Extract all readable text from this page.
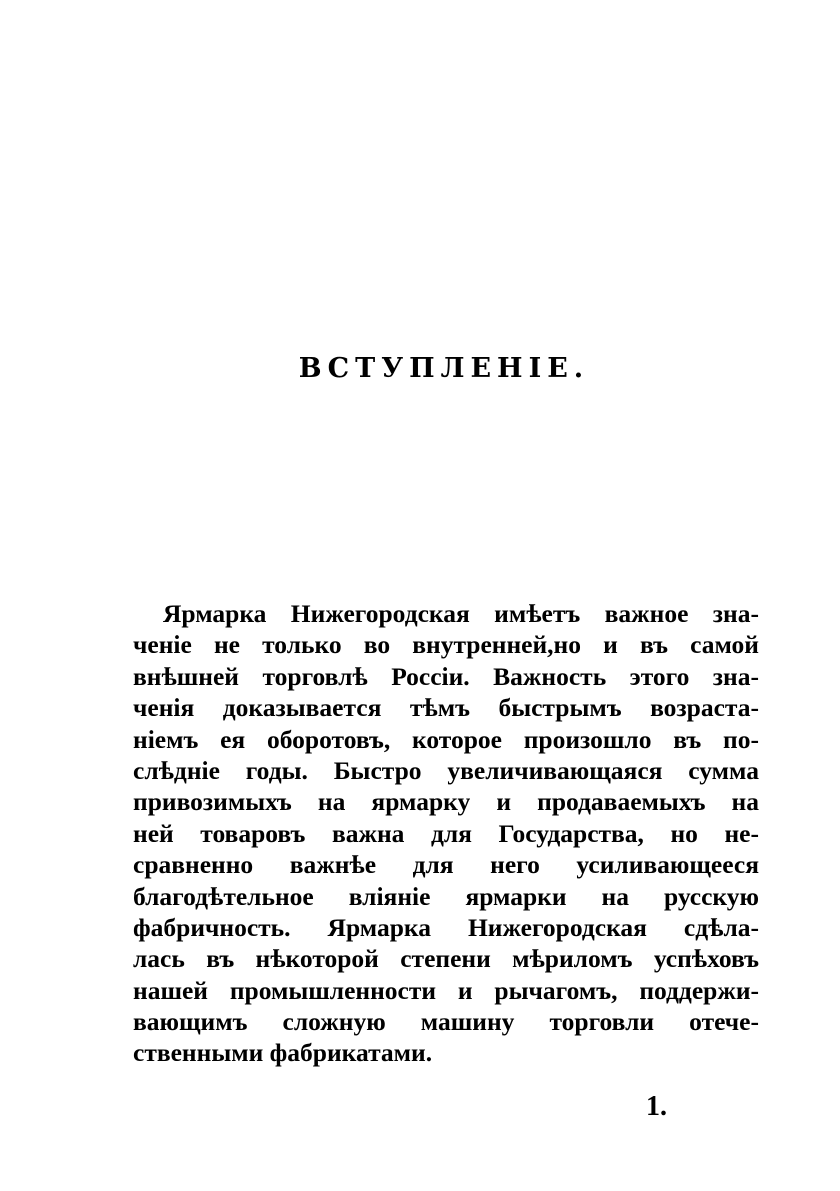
ВСТУПЛЕНІЕ.
Ярмарка Нижегородская имѣетъ важное зна-
ченіе не только во внутренней,но и въ самой
внѣшней торговлѣ Россіи. Важность этого зна-
ченія доказывается тѣмъ быстрымъ возраста-
ніемъ ея оборотовъ, которое произошло въ по-
слѣдніе годы. Быстро увеличивающаяся сумма
привозимыхъ на ярмарку и продаваемыхъ на
ней товаровъ важна для Государства, но не-
сравненно важнѣе для него усиливающееся
благодѣтельное вліяніе ярмарки на русскую
фабричность. Ярмарка Нижегородская сдѣла-
лась въ нѣкоторой степени мѣриломъ успѣховъ
нашей промышленности и рычагомъ, поддержи-
вающимъ сложную машину торговли отече-
ственными фабрикатами.
1.
